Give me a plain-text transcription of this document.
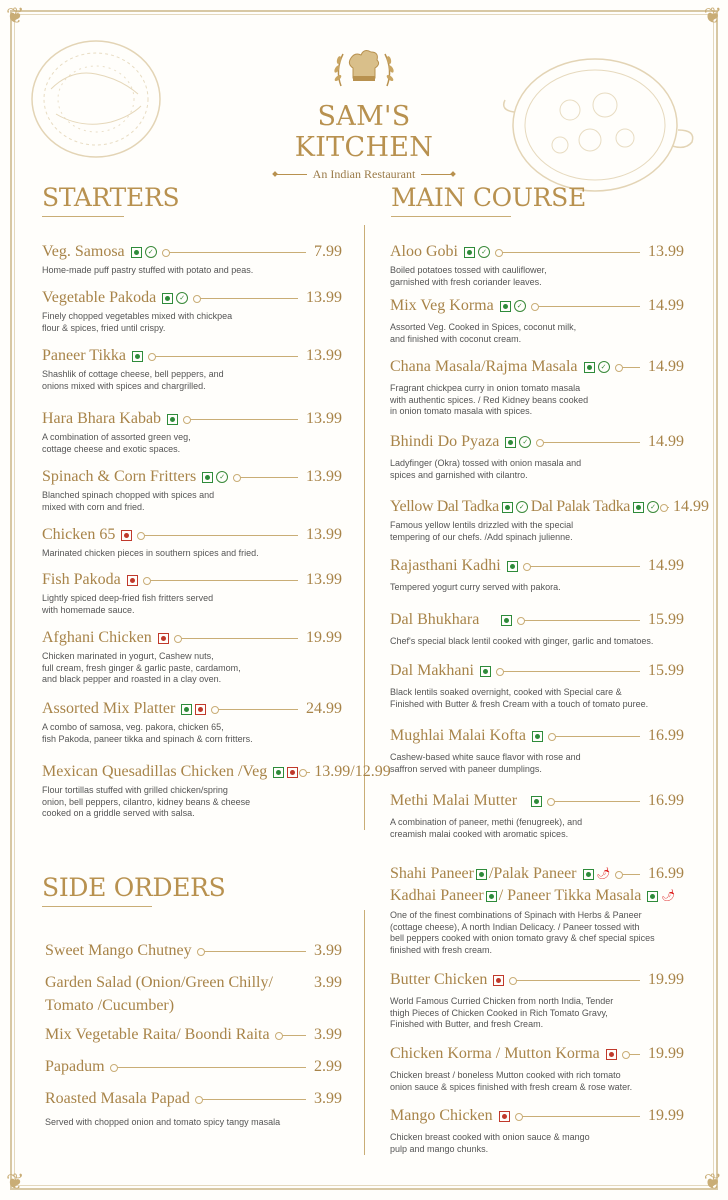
❦	❦
❦	❦
SAM'S KITCHEN
An Indian Restaurant
STARTERS	MAIN COURSE
SIDE ORDERS
Veg. Samosa	✓	7.99
Home-made puff pastry stuffed with potato and peas.
Vegetable Pakoda	✓	13.99
Finely chopped vegetables mixed with chickpea
flour & spices, fried until crispy.
Paneer Tikka	13.99
Shashlik of cottage cheese, bell peppers, and
onions mixed with spices and chargrilled.
Hara Bhara Kabab	13.99
A combination of assorted green veg,
cottage cheese and exotic spaces.
Spinach & Corn Fritters	✓	13.99
Blanched spinach chopped with spices and
mixed with corn and fried.
Chicken 65	13.99
Marinated chicken pieces in southern spices and fried.
Fish Pakoda	13.99
Lightly spiced deep-fried fish fritters served
with homemade sauce.
Afghani Chicken	19.99
Chicken marinated in yogurt, Cashew nuts,
full cream, fresh ginger & garlic paste, cardamom,
and black pepper and roasted in a clay oven.
Assorted Mix Platter	24.99
A combo of samosa, veg. pakora, chicken 65,
fish Pakoda, paneer tikka and spinach & corn fritters.
Mexican Quesadillas Chicken /Veg	13.99/12.99
Flour tortillas stuffed with grilled chicken/spring
onion, bell peppers, cilantro, kidney beans & cheese
cooked on a griddle served with salsa.
Sweet Mango Chutney	3.99
Garden Salad (Onion/Green Chilly/	3.99
Tomato /Cucumber)
Mix Vegetable Raita/ Boondi Raita	3.99
Papadum	2.99
Roasted Masala Papad	3.99
Served with chopped onion and tomato spicy tangy masala
Aloo Gobi	✓	13.99
Boiled potatoes tossed with cauliflower,
garnished with fresh coriander leaves.
Mix Veg Korma	✓	14.99
Assorted Veg. Cooked in Spices, coconut milk,
and finished with coconut cream.
Chana Masala/Rajma Masala	✓	14.99
Fragrant chickpea curry in onion tomato masala
with authentic spices. / Red Kidney beans cooked
in onion tomato masala with spices.
Bhindi Do Pyaza	✓	14.99
Ladyfinger (Okra) tossed with onion masala and
spices and garnished with cilantro.
Yellow Dal Tadka	✓ Dal Palak Tadka	✓ 14.99
Famous yellow lentils drizzled with the special
tempering of our chefs. /Add spinach julienne.
Rajasthani Kadhi	14.99
Tempered yogurt curry served with pakora.
Dal Bhukhara	15.99
Chef's special black lentil cooked with ginger, garlic and tomatoes.
Dal Makhani	15.99
Black lentils soaked overnight, cooked with Special care &
Finished with Butter & fresh Cream with a touch of tomato puree.
Mughlai Malai Kofta	16.99
Cashew-based white sauce flavor with rose and
saffron served with paneer dumplings.
Methi Malai Mutter	16.99
A combination of paneer, methi (fenugreek), and
creamish malai cooked with aromatic spices.
Shahi Paneer /Palak Paneer 🌶 16.99
Kadhai Paneer / Paneer Tikka Masala 🌶
One of the finest combinations of Spinach with Herbs & Paneer
(cottage cheese), A north Indian Delicacy. / Paneer tossed with
bell peppers cooked with onion tomato gravy & chef special spices
finished with fresh cream.
Butter Chicken	19.99
World Famous Curried Chicken from north India, Tender
thigh Pieces of Chicken Cooked in Rich Tomato Gravy,
Finished with Butter, and fresh Cream.
Chicken Korma / Mutton Korma	19.99
Chicken breast / boneless Mutton cooked with rich tomato
onion sauce & spices finished with fresh cream & rose water.
Mango Chicken	19.99
Chicken breast cooked with onion sauce & mango
pulp and mango chunks.
